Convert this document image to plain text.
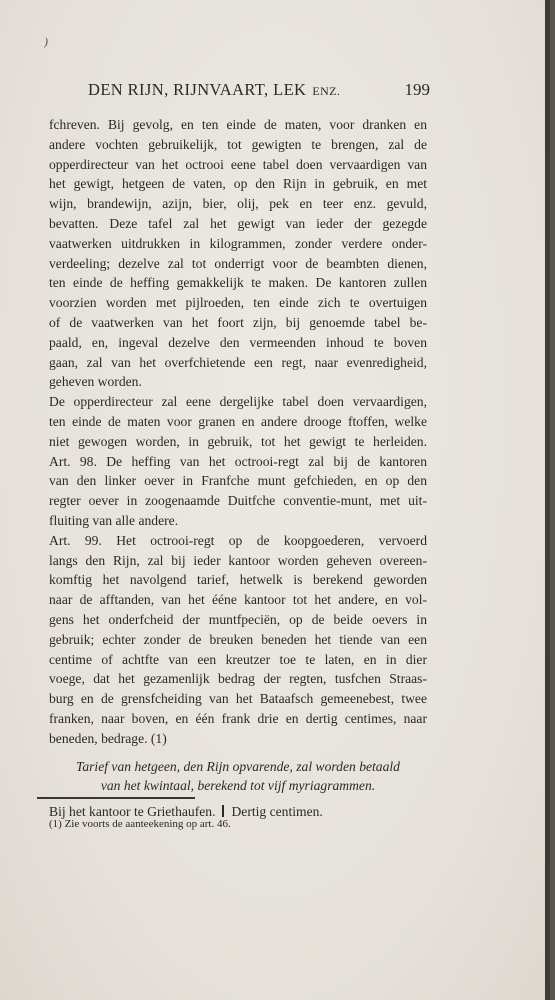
)
DEN RIJN, RIJNVAART, LEK ENZ.	199
fchreven. Bij gevolg, en ten einde de maten, voor dranken en
andere vochten gebruikelijk, tot gewigten te brengen, zal de
opperdirecteur van het octrooi eene tabel doen vervaardigen van
het gewigt, hetgeen de vaten, op den Rijn in gebruik, en met
wijn, brandewijn, azijn, bier, olij, pek en teer enz. gevuld,
bevatten. Deze tafel zal het gewigt van ieder der gezegde
vaatwerken uitdrukken in kilogrammen, zonder verdere onder-
verdeeling; dezelve zal tot onderrigt voor de beambten dienen,
ten einde de heffing gemakkelijk te maken. De kantoren zullen
voorzien worden met pijlroeden, ten einde zich te overtuigen
of de vaatwerken van het foort zijn, bij genoemde tabel be-
paald, en, ingeval dezelve den vermeenden inhoud te boven
gaan, zal van het overfchietende een regt, naar evenredigheid,
geheven worden.
De opperdirecteur zal eene dergelijke tabel doen vervaardigen,
ten einde de maten voor granen en andere drooge ftoffen, welke
niet gewogen worden, in gebruik, tot het gewigt te herleiden.
Art. 98. De heffing van het octrooi-regt zal bij de kantoren
van den linker oever in Franfche munt gefchieden, en op den
regter oever in zoogenaamde Duitfche conventie-munt, met uit-
fluiting van alle andere.
Art. 99. Het octrooi-regt op de koopgoederen, vervoerd
langs den Rijn, zal bij ieder kantoor worden geheven overeen-
komftig het navolgend tarief, hetwelk is berekend geworden
naar de afftanden, van het ééne kantoor tot het andere, en vol-
gens het onderfcheid der muntfpeciën, op de beide oevers in
gebruik; echter zonder de breuken beneden het tiende van een
centime of achtfte van een kreutzer toe te laten, en in dier
voege, dat het gezamenlijk bedrag der regten, tusfchen Straas-
burg en de grensfcheiding van het Bataafsch gemeenebest, twee
franken, naar boven, en één frank drie en dertig centimes, naar
beneden, bedrage. (1)
Tarief van hetgeen, den Rijn opvarende, zal worden betaald
van het kwintaal, berekend tot vijf myriagrammen.
Bij het kantoor te Griethaufen. Dertig centimen.
(1) Zie voorts de aanteekening op art. 46.
